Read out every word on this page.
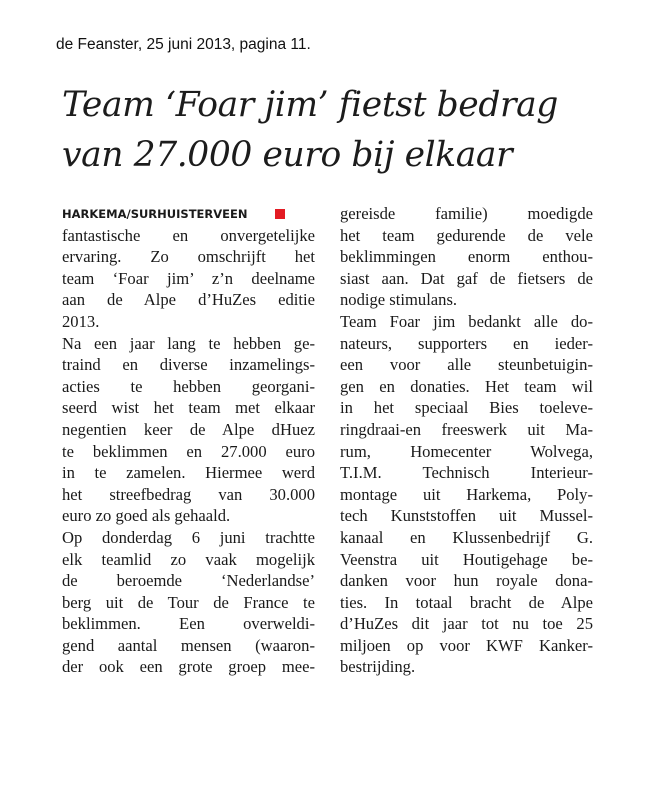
de Feanster, 25 juni 2013, pagina 11.
Team ‘Foar jim’ fietst bedrag
van 27.000 euro bij elkaar
HARKEMA/SURHUISTERVEEN
fantastische en onvergetelijke
ervaring. Zo omschrijft het
team ‘Foar jim’ z’n deelname
aan de Alpe d’HuZes editie
2013.
Na een jaar lang te hebben ge-
traind en diverse inzamelings-
acties te hebben georgani-
seerd wist het team met elkaar
negentien keer de Alpe dHuez
te beklimmen en 27.000 euro
in te zamelen. Hiermee werd
het streefbedrag van 30.000
euro zo goed als gehaald.
Op donderdag 6 juni trachtte
elk teamlid zo vaak mogelijk
de beroemde ‘Nederlandse’
berg uit de Tour de France te
beklimmen. Een overweldi-
gend aantal mensen (waaron-
der ook een grote groep mee-
gereisde familie) moedigde
het team gedurende de vele
beklimmingen enorm enthou-
siast aan. Dat gaf de fietsers de
nodige stimulans.
Team Foar jim bedankt alle do-
nateurs, supporters en ieder-
een voor alle steunbetuigin-
gen en donaties. Het team wil
in het speciaal Bies toeleve-
ringdraai-en freeswerk uit Ma-
rum, Homecenter Wolvega,
T.I.M. Technisch Interieur-
montage uit Harkema, Poly-
tech Kunststoffen uit Mussel-
kanaal en Klussenbedrijf G.
Veenstra uit Houtigehage be-
danken voor hun royale dona-
ties. In totaal bracht de Alpe
d’HuZes dit jaar tot nu toe 25
miljoen op voor KWF Kanker-
bestrijding.
